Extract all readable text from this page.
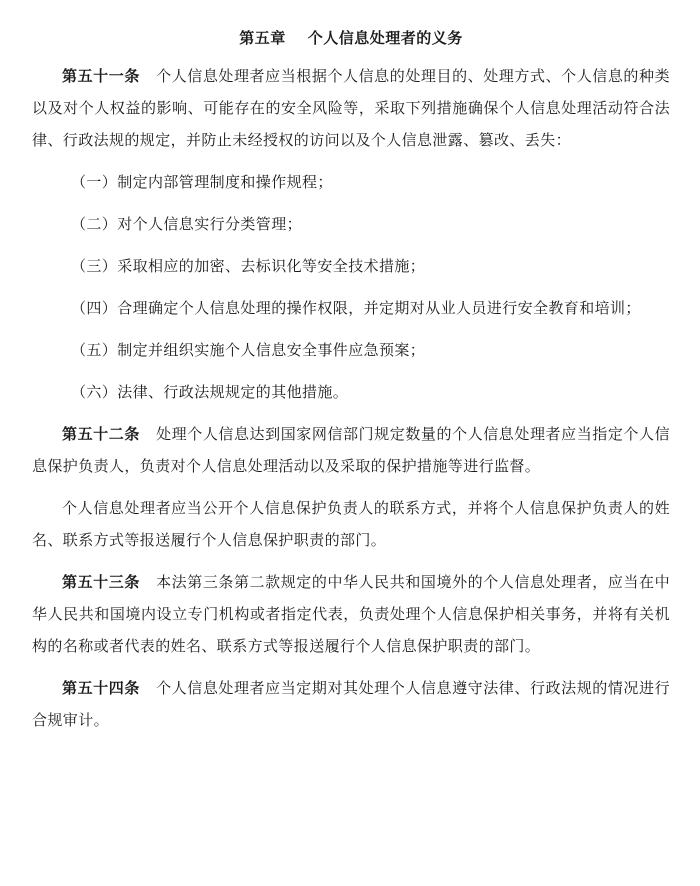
第五章 个人信息处理者的义务

第五十一条 个人信息处理者应当根据个人信息的处理目的、处理方式、个人信息的种类以及对个人权益的影响、可能存在的安全风险等，采取下列措施确保个人信息处理活动符合法律、行政法规的规定，并防止未经授权的访问以及个人信息泄露、篡改、丢失：

（一）制定内部管理制度和操作规程；

（二）对个人信息实行分类管理；

（三）采取相应的加密、去标识化等安全技术措施；

（四）合理确定个人信息处理的操作权限，并定期对从业人员进行安全教育和培训；

（五）制定并组织实施个人信息安全事件应急预案；

（六）法律、行政法规规定的其他措施。

第五十二条 处理个人信息达到国家网信部门规定数量的个人信息处理者应当指定个人信息保护负责人，负责对个人信息处理活动以及采取的保护措施等进行监督。

个人信息处理者应当公开个人信息保护负责人的联系方式，并将个人信息保护负责人的姓名、联系方式等报送履行个人信息保护职责的部门。

第五十三条 本法第三条第二款规定的中华人民共和国境外的个人信息处理者，应当在中华人民共和国境内设立专门机构或者指定代表，负责处理个人信息保护相关事务，并将有关机构的名称或者代表的姓名、联系方式等报送履行个人信息保护职责的部门。

第五十四条 个人信息处理者应当定期对其处理个人信息遵守法律、行政法规的情况进行合规审计。
